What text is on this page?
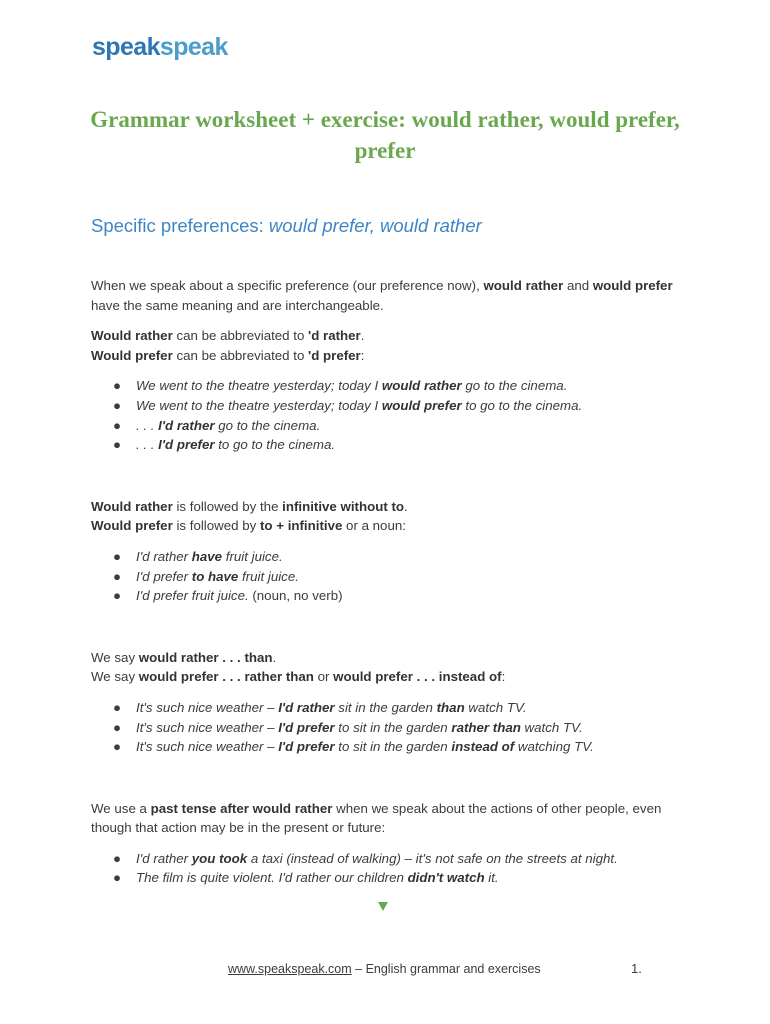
speakspeak
Grammar worksheet + exercise: would rather, would prefer, prefer
Specific preferences: would prefer, would rather

When we speak about a specific preference (our preference now), would rather and would prefer have the same meaning and are interchangeable.

Would rather can be abbreviated to 'd rather.
Would prefer can be abbreviated to 'd prefer:

● We went to the theatre yesterday; today I would rather go to the cinema.
● We went to the theatre yesterday; today I would prefer to go to the cinema.
● . . . I'd rather go to the cinema.
● . . . I'd prefer to go to the cinema.

Would rather is followed by the infinitive without to.
Would prefer is followed by to + infinitive or a noun:

● I'd rather have fruit juice.
● I'd prefer to have fruit juice.
● I'd prefer fruit juice. (noun, no verb)

We say would rather . . . than.
We say would prefer . . . rather than or would prefer . . . instead of:

● It's such nice weather – I'd rather sit in the garden than watch TV.
● It's such nice weather – I'd prefer to sit in the garden rather than watch TV.
● It's such nice weather – I'd prefer to sit in the garden instead of watching TV.

We use a past tense after would rather when we speak about the actions of other people, even though that action may be in the present or future:

● I'd rather you took a taxi (instead of walking) – it's not safe on the streets at night.
● The film is quite violent. I'd rather our children didn't watch it.
www.speakspeak.com – English grammar and exercises	1.
